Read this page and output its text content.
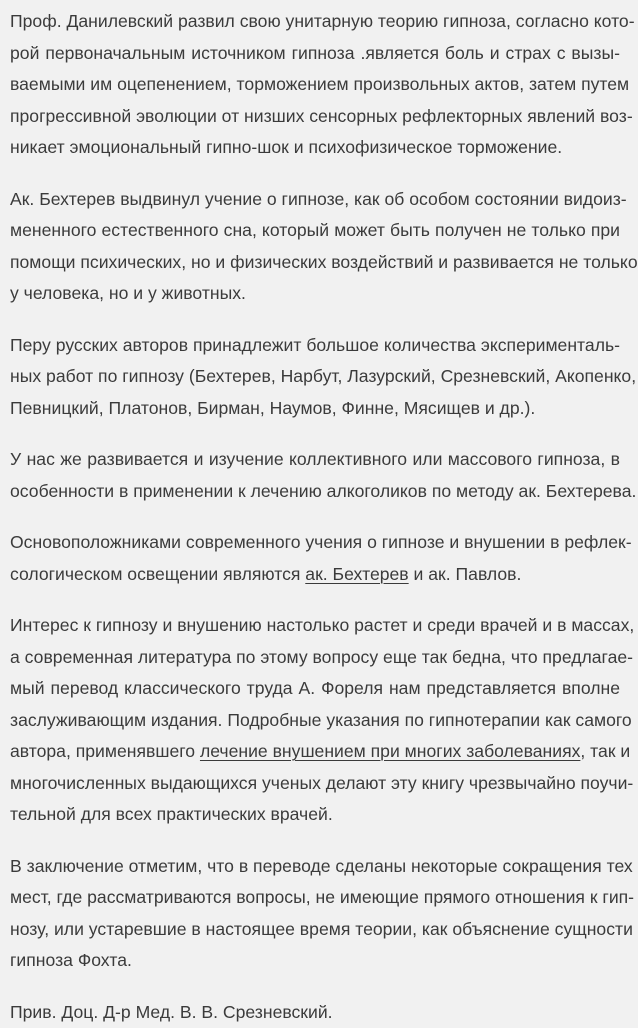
Проф. Данилевский развил свою унитарную теорию гипноза, согласно кото-
рой первоначальным источником гипноза .является боль и страх с вызы-
ваемыми им оцепенением, торможением произвольных актов, затем путем
прогрессивной эволюции от низших сенсорных рефлекторных явлений воз-
никает эмоциональный гипно-шок и психофизическое торможение.
Ак. Бехтерев выдвинул учение о гипнозе, как об особом состоянии видоиз-
мененного естественного сна, который может быть получен не только при
помощи психических, но и физических воздействий и развивается не только
у человека, но и у животных.
Перу русских авторов принадлежит большое количества эксперименталь-
ных работ по гипнозу (Бехтерев, Нарбут, Лазурский, Срезневский, Акопенко,
Певницкий, Платонов, Бирман, Наумов, Финне, Мясищев и др.).
У нас же развивается и изучение коллективного или массового гипноза, в
особенности в применении к лечению алкоголиков по методу ак. Бехтерева.
Основоположниками современного учения о гипнозе и внушении в рефлек-
сологическом освещении являются ак. Бехтерев и ак. Павлов.
Интерес к гипнозу и внушению настолько растет и среди врачей и в массах,
а современная литература по этому вопросу еще так бедна, что предлагае-
мый перевод классического труда А. Фореля нам представляется вполне
заслуживающим издания. Подробные указания по гипнотерапии как самого
автора, применявшего лечение внушением при многих заболеваниях, так и
многочисленных выдающихся ученых делают эту книгу чрезвычайно поучи-
тельной для всех практических врачей.
В заключение отметим, что в переводе сделаны некоторые сокращения тех
мест, где рассматриваются вопросы, не имеющие прямого отношения к гип-
нозу, или устаревшие в настоящее время теории, как объяснение сущности
гипноза Фохта.
Прив. Доц. Д-р Мед. В. В. Срезневский.
